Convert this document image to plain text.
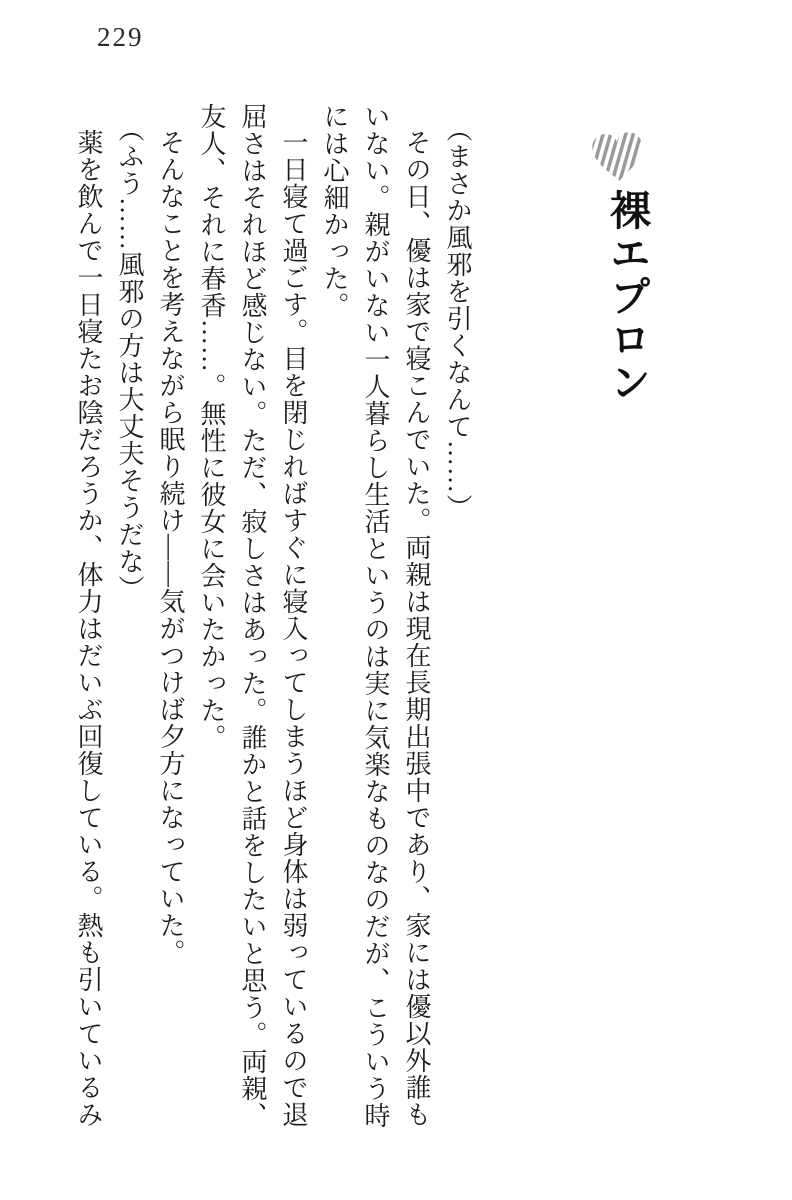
229
裸エプロン

（まさか風邪を引くなんて……）

その日、優は家で寝こんでいた。両親は現在長期出張中であり、家には優以外誰もいない。親がいない一人暮らし生活というのは実に気楽なものなのだが、こういう時には心細かった。

一日寝て過ごす。目を閉じればすぐに寝入ってしまうほど身体は弱っているので退屈さはそれほど感じない。ただ、寂しさはあった。誰かと話をしたいと思う。両親、友人、それに春香……。無性に彼女に会いたかった。

そんなことを考えながら眠り続け――気がつけば夕方になっていた。

（ふう……風邪の方は大丈夫そうだな）

薬を飲んで一日寝たお陰だろうか、体力はだいぶ回復している。熱も引いているみ
